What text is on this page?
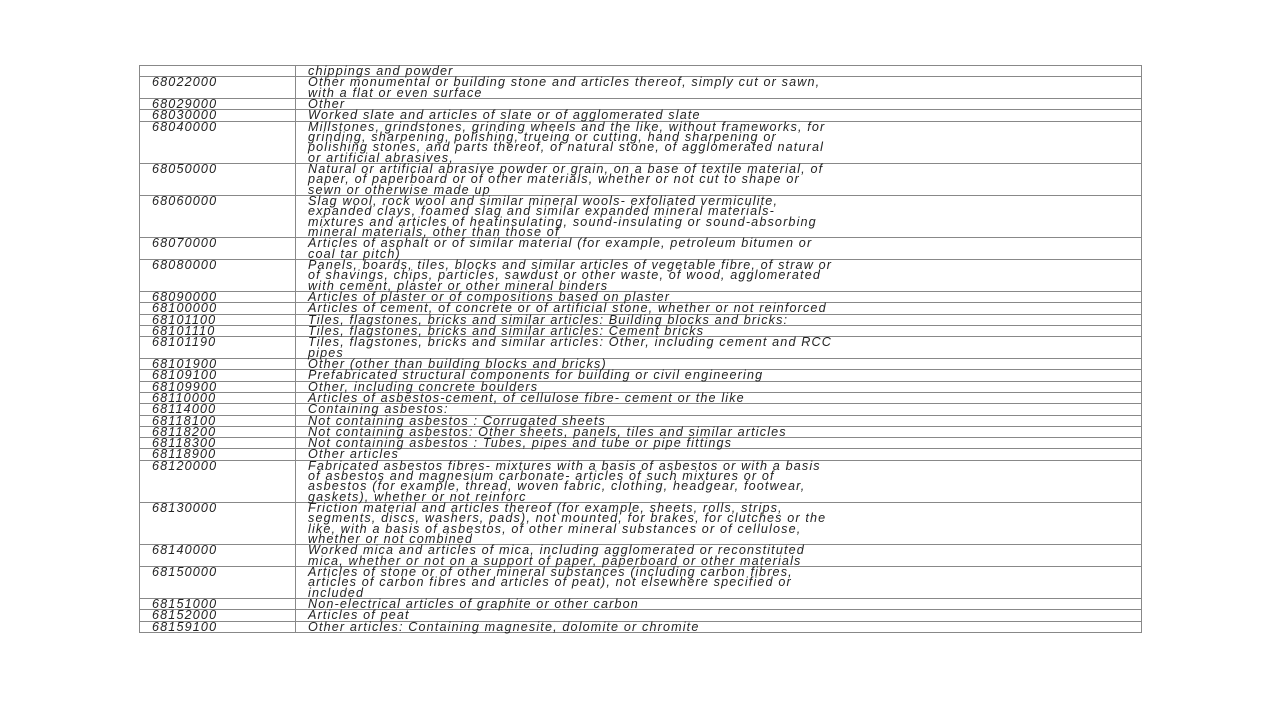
	chippings and powder
68022000	Other monumental or building stone and articles thereof, simply cut or sawn,
with a flat or even surface
68029000	Other
68030000	Worked slate and articles of slate or of agglomerated slate
68040000	Millstones, grindstones, grinding wheels and the like, without frameworks, for
grinding, sharpening, polishing, trueing or cutting, hand sharpening or
polishing stones, and parts thereof, of natural stone, of agglomerated natural
or artificial abrasives,
68050000	Natural or artificial abrasive powder or grain, on a base of textile material, of
paper, of paperboard or of other materials, whether or not cut to shape or
sewn or otherwise made up
68060000	Slag wool, rock wool and similar mineral wools- exfoliated vermiculite,
expanded clays, foamed slag and similar expanded mineral materials-
mixtures and articles of heatinsulating, sound-insulating or sound-absorbing
mineral materials, other than those of
68070000	Articles of asphalt or of similar material (for example, petroleum bitumen or
coal tar pitch)
68080000	Panels, boards, tiles, blocks and similar articles of vegetable fibre, of straw or
of shavings, chips, particles, sawdust or other waste, of wood, agglomerated
with cement, plaster or other mineral binders
68090000	Articles of plaster or of compositions based on plaster
68100000	Articles of cement, of concrete or of artificial stone, whether or not reinforced
68101100	Tiles, flagstones, bricks and similar articles: Building blocks and bricks:
68101110	Tiles, flagstones, bricks and similar articles: Cement bricks
68101190	Tiles, flagstones, bricks and similar articles: Other, including cement and RCC
pipes
68101900	Other (other than building blocks and bricks)
68109100	Prefabricated structural components for building or civil engineering
68109900	Other, including concrete boulders
68110000	Articles of asbestos-cement, of cellulose fibre- cement or the like
68114000	Containing asbestos:
68118100	Not containing asbestos : Corrugated sheets
68118200	Not containing asbestos: Other sheets, panels, tiles and similar articles
68118300	Not containing asbestos : Tubes, pipes and tube or pipe fittings
68118900	Other articles
68120000	Fabricated asbestos fibres- mixtures with a basis of asbestos or with a basis
of asbestos and magnesium carbonate- articles of such mixtures or of
asbestos (for example, thread, woven fabric, clothing, headgear, footwear,
gaskets), whether or not reinforc
68130000	Friction material and articles thereof (for example, sheets, rolls, strips,
segments, discs, washers, pads), not mounted, for brakes, for clutches or the
like, with a basis of asbestos, of other mineral substances or of cellulose,
whether or not combined
68140000	Worked mica and articles of mica, including agglomerated or reconstituted
mica, whether or not on a support of paper, paperboard or other materials
68150000	Articles of stone or of other mineral substances (including carbon fibres,
articles of carbon fibres and articles of peat), not elsewhere specified or
included
68151000	Non-electrical articles of graphite or other carbon
68152000	Articles of peat
68159100	Other articles: Containing magnesite, dolomite or chromite
